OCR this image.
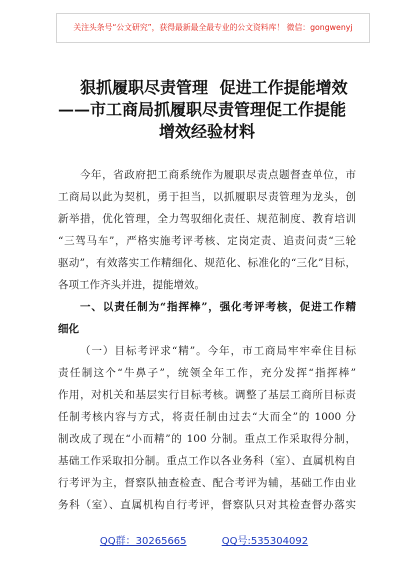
关注头条号“公文研究”，获得最新最全最专业的公文资料库！ 微信：gongwenyj
狠抓履职尽责管理 促进工作提能增效
——市工商局抓履职尽责管理促工作提能
增效经验材料
今年，省政府把工商系统作为履职尽责点题督查单位，市
工商局以此为契机，勇于担当，以抓履职尽责管理为龙头，创
新举措，优化管理，全力驾驭细化责任、规范制度、教育培训
“三驾马车”，严格实施考评考核、定岗定责、追责问责“三轮
驱动”，有效落实工作精细化、规范化、标准化的“三化”目标，
各项工作齐头并进，提能增效。
一、以责任制为“指挥棒”，强化考评考核，促进工作精
细化
（一）目标考评求“精”。今年，市工商局牢牢牵住目标
责任制这个“牛鼻子”，统领全年工作，充分发挥“指挥棒”
作用，对机关和基层实行目标考核。调整了基层工商所目标责
任制考核内容与方式，将责任制由过去“大而全”的 1000 分
制改成了现在“小而精”的 100 分制。重点工作采取得分制，
基础工作采取扣分制。重点工作以各业务科（室）、直属机构自
行考评为主，督察队抽查检查、配合考评为辅，基础工作由业
务科（室）、直属机构自行考评，督察队只对其检查督办落实
QQ群：30265665	QQ号:535304092
